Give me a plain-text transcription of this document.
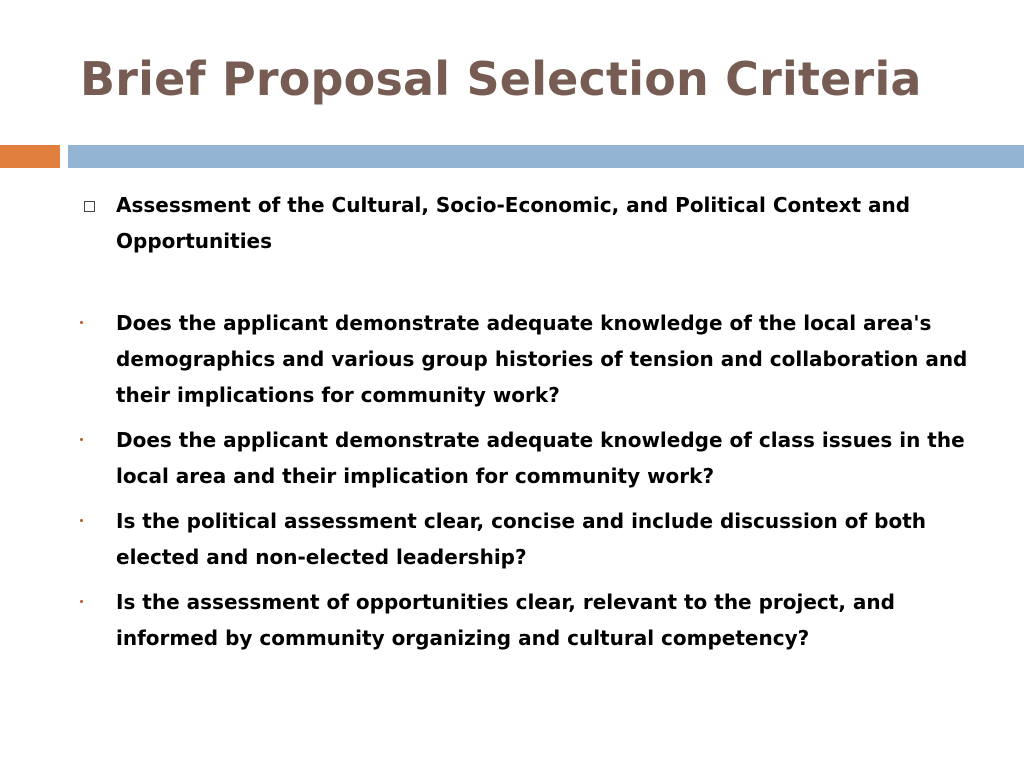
Brief Proposal Selection Criteria
Assessment of the Cultural, Socio-Economic, and Political Context and Opportunities
Does the applicant demonstrate adequate knowledge of the local area's demographics and various group histories of tension and collaboration and their implications for community work?
Does the applicant demonstrate adequate knowledge of class issues in the local area and their implication for community work?
Is the political assessment clear, concise and include discussion of both elected and non-elected leadership?
Is the assessment of opportunities clear, relevant to the project, and informed by community organizing and cultural competency?
